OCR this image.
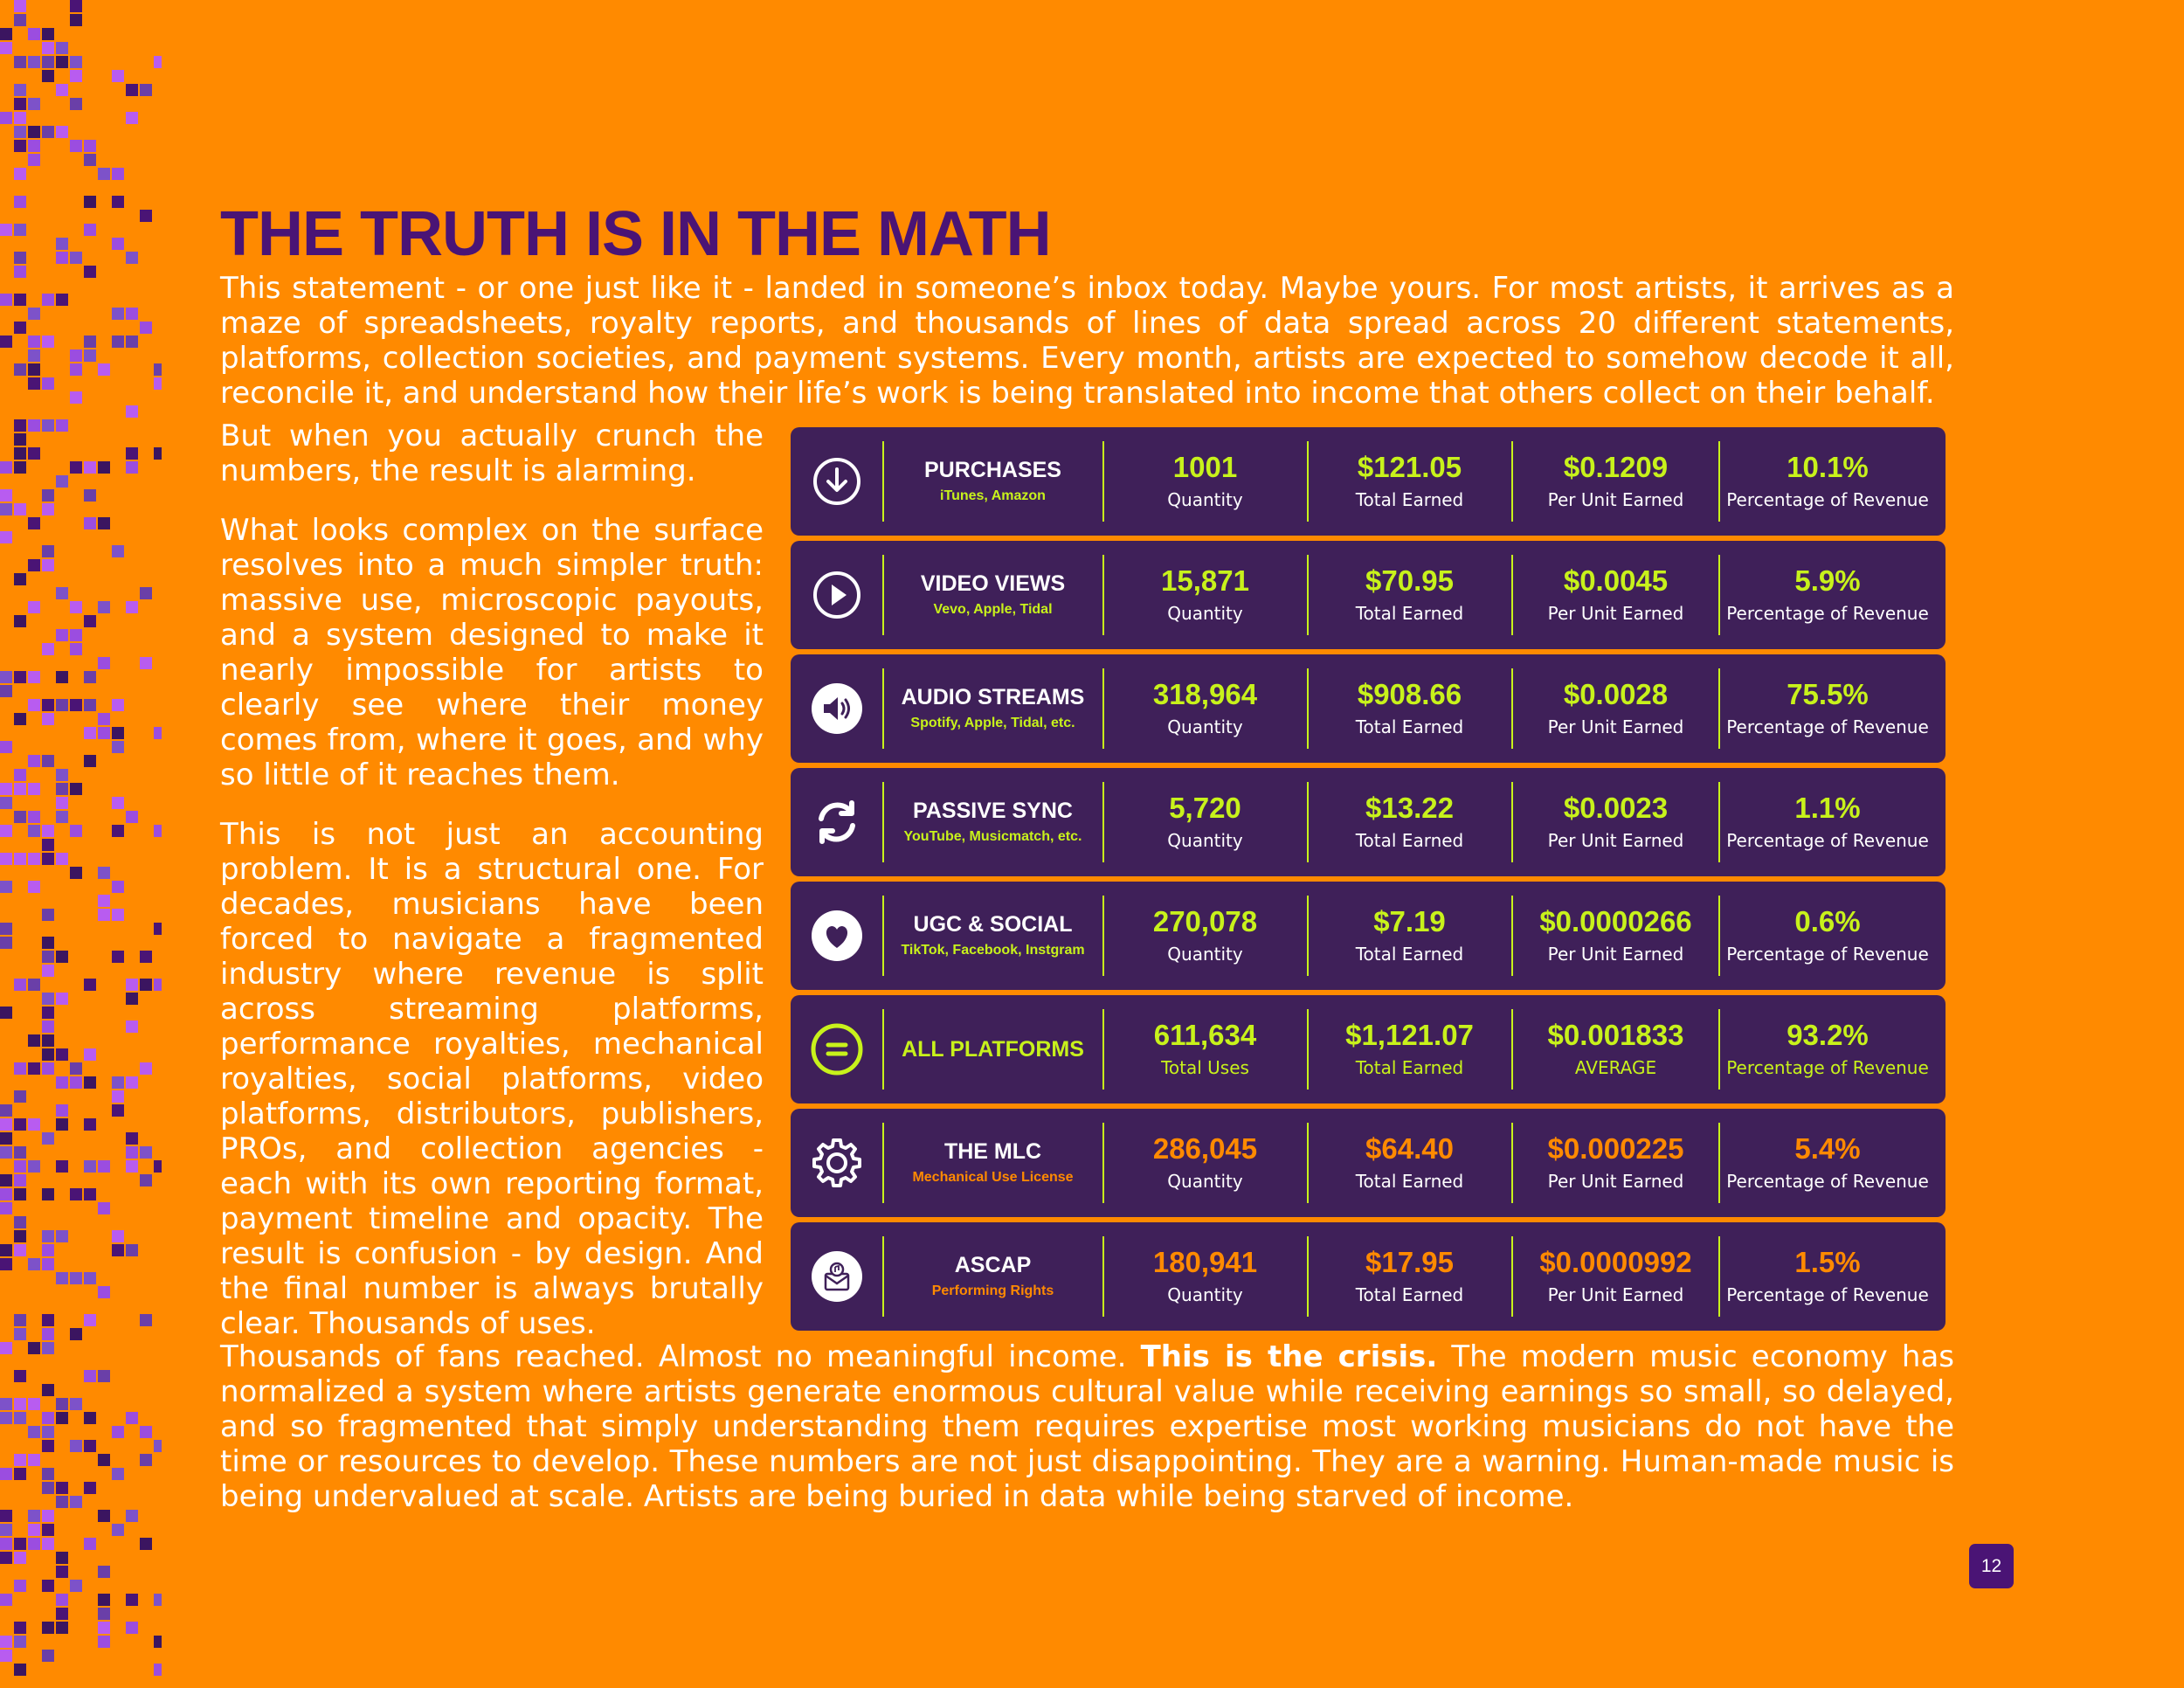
THE TRUTH IS IN THE MATH

This statement - or one just like it - landed in someone’s inbox today. Maybe yours. For most artists, it arrives as a maze of spreadsheets, royalty reports, and thousands of lines of data spread across 20 different statements, platforms, collection societies, and payment systems. Every month, artists are expected to somehow decode it all, reconcile it, and understand how their life’s work is being translated into income that others collect on their behalf.

But when you actually crunch the numbers, the result is alarming.

What looks complex on the surface resolves into a much simpler truth: massive use, microscopic payouts, and a system designed to make it nearly impossible for artists to clearly see where their money comes from, where it goes, and why so little of it reaches them.

This is not just an accounting problem. It is a structural one. For decades, musicians have been forced to navigate a fragmented industry where revenue is split across streaming platforms, performance royalties, mechanical royalties, social platforms, video platforms, distributors, publishers, PROs, and collection agencies - each with its own reporting format, payment timeline and opacity. The result is confusion - by design. And the final number is always brutally clear. Thousands of uses.

PURCHASES
iTunes, Amazon
1001
Quantity
$121.05
Total Earned
$0.1209
Per Unit Earned
10.1%
Percentage of Revenue
VIDEO VIEWS
Vevo, Apple, Tidal
15,871
Quantity
$70.95
Total Earned
$0.0045
Per Unit Earned
5.9%
Percentage of Revenue
AUDIO STREAMS
Spotify, Apple, Tidal, etc.
318,964
Quantity
$908.66
Total Earned
$0.0028
Per Unit Earned
75.5%
Percentage of Revenue
PASSIVE SYNC
YouTube, Musicmatch, etc.
5,720
Quantity
$13.22
Total Earned
$0.0023
Per Unit Earned
1.1%
Percentage of Revenue
UGC & SOCIAL
TikTok, Facebook, Instgram
270,078
Quantity
$7.19
Total Earned
$0.0000266
Per Unit Earned
0.6%
Percentage of Revenue
ALL PLATFORMS 611,634
Total Uses
$1,121.07
Total Earned
$0.001833
AVERAGE
93.2%
Percentage of Revenue
THE MLC
Mechanical Use License
286,045
Quantity
$64.40
Total Earned
$0.000225
Per Unit Earned
5.4%
Percentage of Revenue
ASCAP
Performing Rights
180,941
Quantity
$17.95
Total Earned
$0.0000992
Per Unit Earned
1.5%
Percentage of Revenue

Thousands of fans reached. Almost no meaningful income. This is the crisis. The modern music economy has normalized a system where artists generate enormous cultural value while receiving earnings so small, so delayed, and so fragmented that simply understanding them requires expertise most working musicians do not have the time or resources to develop. These numbers are not just disappointing. They are a warning. Human-made music is being undervalued at scale. Artists are being buried in data while being starved of income.

12
